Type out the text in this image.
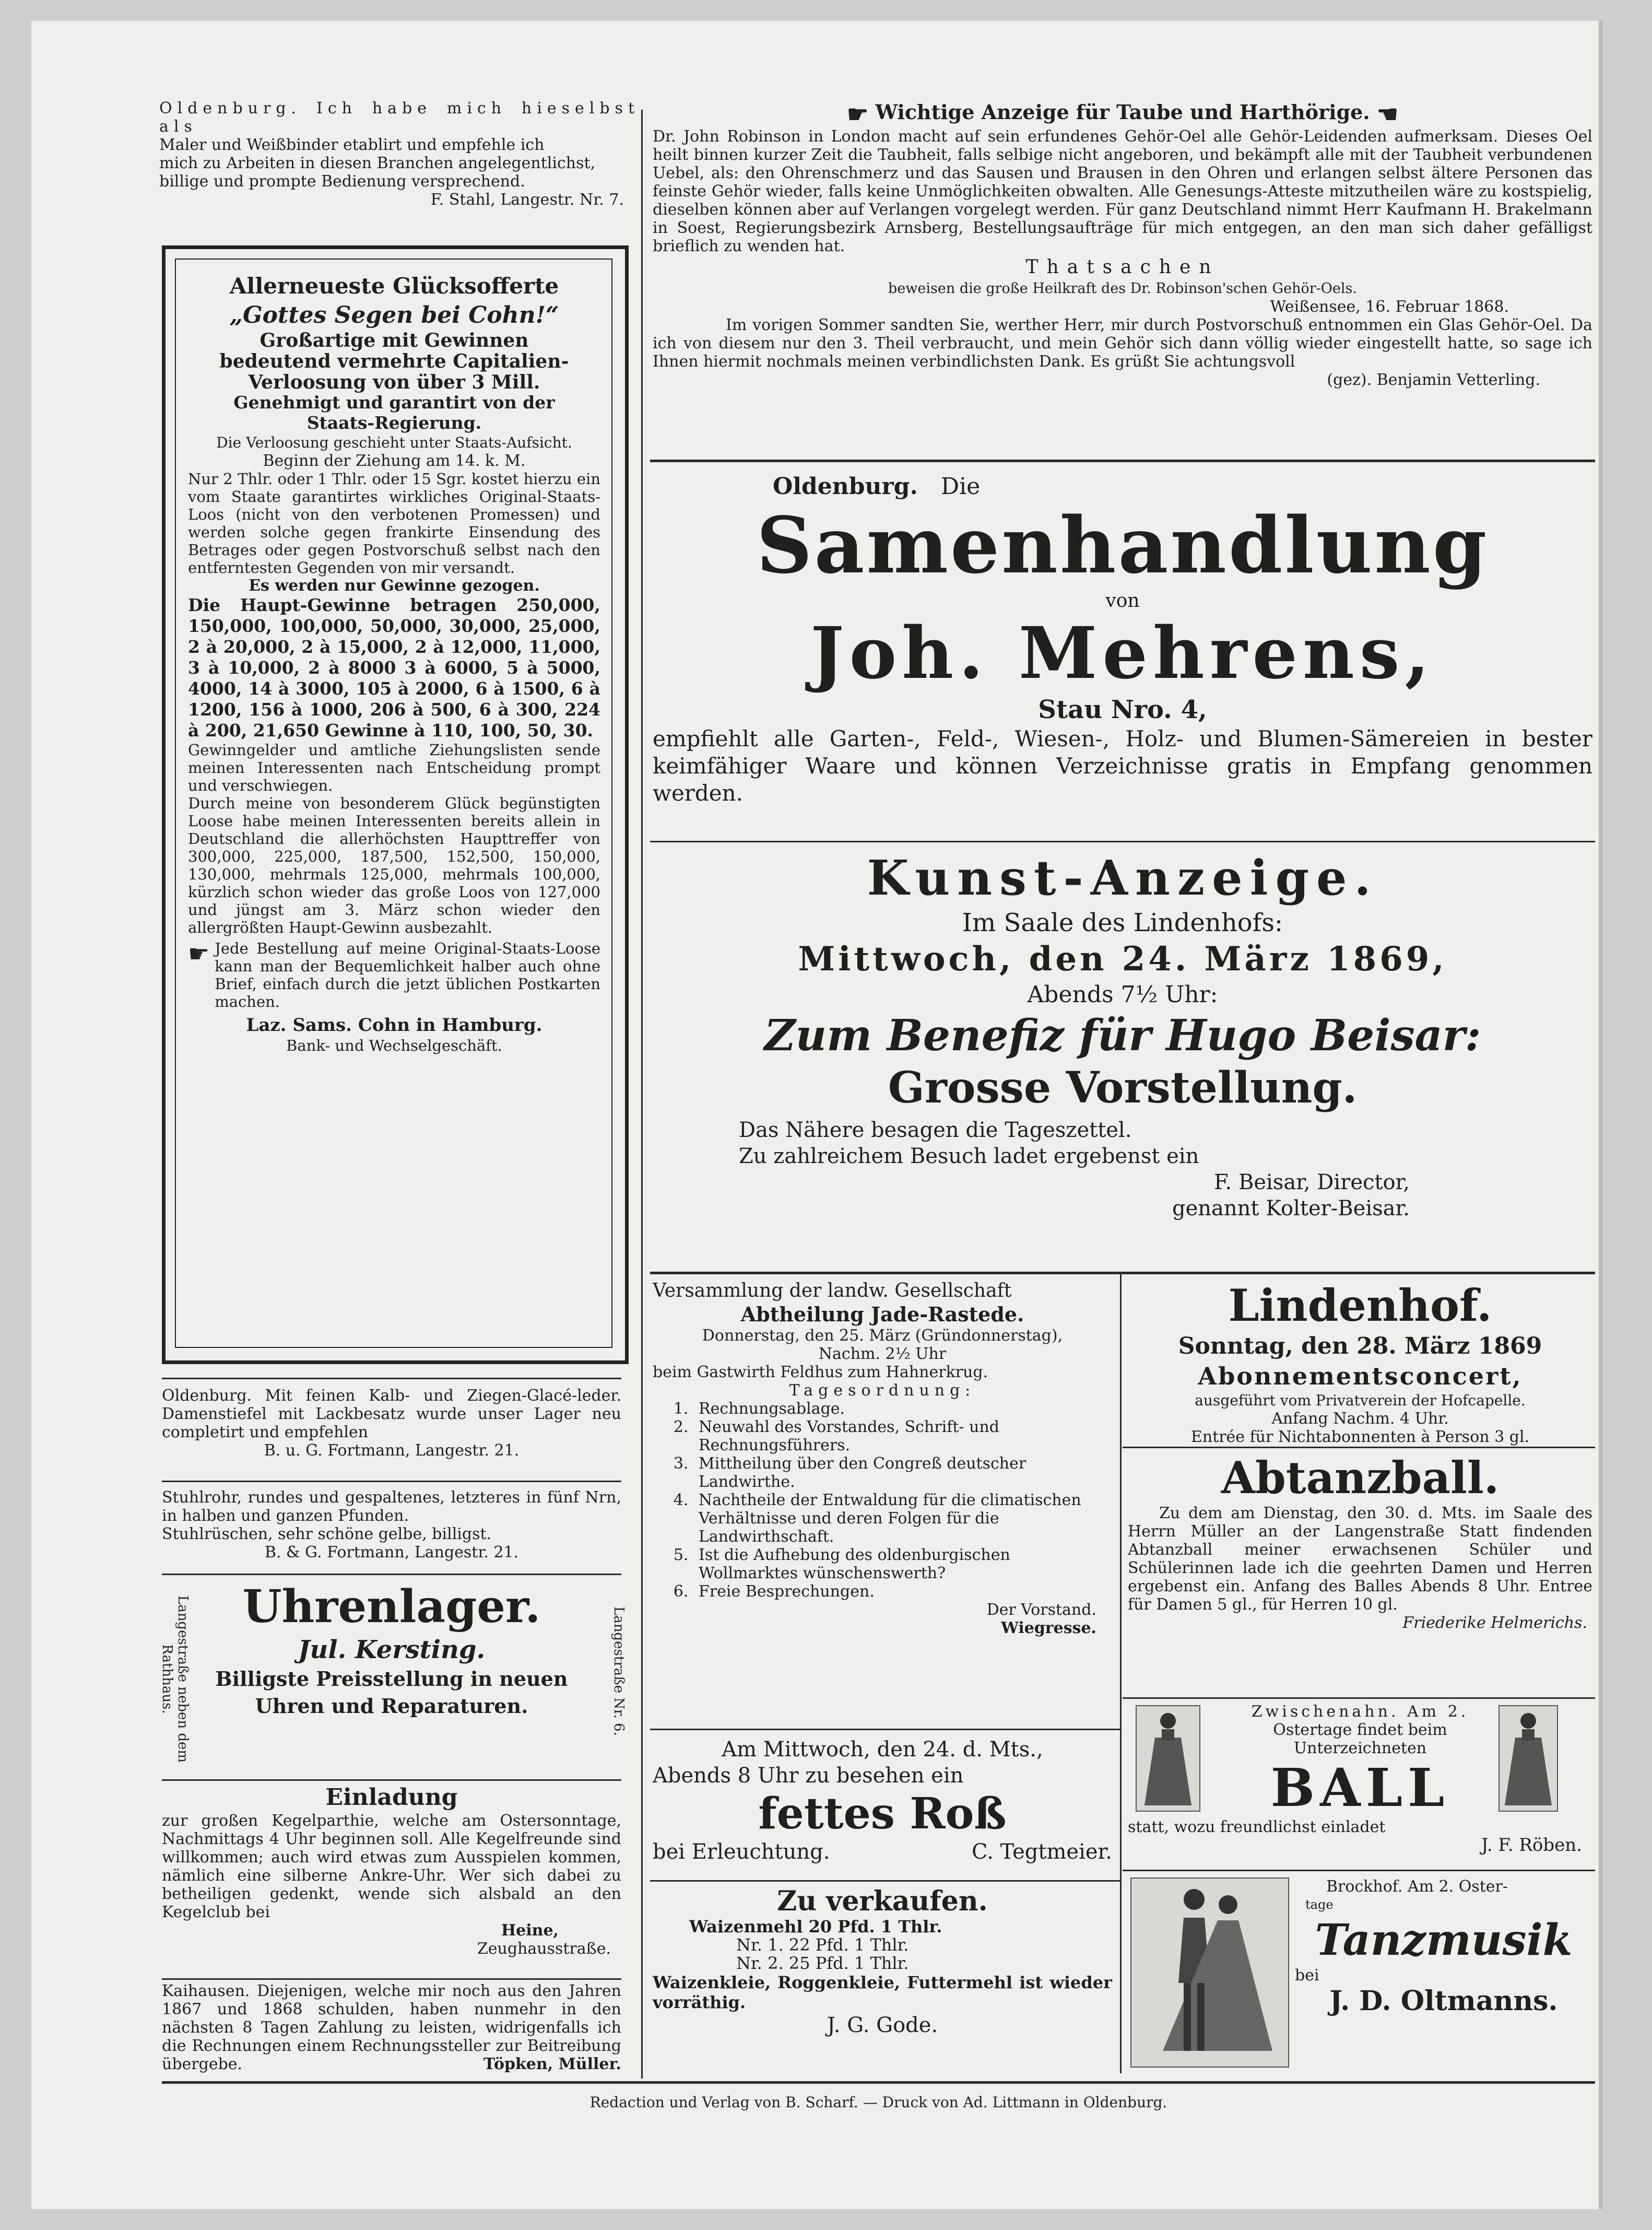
Oldenburg. Ich habe mich hieselbst als

Maler und Weißbinder etablirt und empfehle ich

mich zu Arbeiten in diesen Branchen angelegentlichst,

billige und prompte Bedienung versprechend.

F. Stahl, Langestr. Nr. 7.

Allerneueste Glücksofferte

„Gottes Segen bei Cohn!“

Großartige mit Gewinnen

bedeutend vermehrte Capitalien-

Verloosung von über 3 Mill.

Genehmigt und garantirt von der

Staats-Regierung.

Die Verloosung geschieht unter Staats-Aufsicht.

Beginn der Ziehung am 14. k. M.

Nur 2 Thlr. oder 1 Thlr. oder 15 Sgr. kostet hierzu ein vom Staate garantirtes wirkliches Original-Staats-Loos (nicht von den verbotenen Promessen) und werden solche gegen frankirte Einsendung des Betrages oder gegen Postvorschuß selbst nach den entferntesten Gegenden von mir versandt.

Es werden nur Gewinne gezogen.

Die Haupt-Gewinne betragen 250,000, 150,000, 100,000, 50,000, 30,000, 25,000, 2 à 20,000, 2 à 15,000, 2 à 12,000, 11,000, 3 à 10,000, 2 à 8000 3 à 6000, 5 à 5000, 4000, 14 à 3000, 105 à 2000, 6 à 1500, 6 à 1200, 156 à 1000, 206 à 500, 6 à 300, 224 à 200, 21,650 Gewinne à 110, 100, 50, 30.

Gewinngelder und amtliche Ziehungslisten sende meinen Interessenten nach Entscheidung prompt und verschwiegen.

Durch meine von besonderem Glück begünstigten Loose habe meinen Interessenten bereits allein in Deutschland die allerhöchsten Haupttreffer von 300,000, 225,000, 187,500, 152,500, 150,000, 130,000, mehrmals 125,000, mehrmals 100,000, kürzlich schon wieder das große Loos von 127,000 und jüngst am 3. März schon wieder den allergrößten Haupt-Gewinn ausbezahlt.

☛ Jede Bestellung auf meine Original-Staats-Loose kann man der Bequemlichkeit halber auch ohne Brief, einfach durch die jetzt üblichen Postkarten machen.

Laz. Sams. Cohn in Hamburg.

Bank- und Wechselgeschäft.

Oldenburg. Mit feinen Kalb- und Ziegen-Glacé-leder. Damenstiefel mit Lackbesatz wurde unser Lager neu completirt und empfehlen

B. u. G. Fortmann, Langestr. 21.

Stuhlrohr, rundes und gespaltenes, letzteres in fünf Nrn, in halben und ganzen Pfunden.

Stuhlrüschen, sehr schöne gelbe, billigst.

B. & G. Fortmann, Langestr. 21.

Langestraße neben dem Rathhaus.	Langestraße Nr. 6.

Uhrenlager.

Jul. Kersting.

Billigste Preisstellung in neuen Uhren und Reparaturen.

Einladung

zur großen Kegelparthie, welche am Ostersonntage, Nachmittags 4 Uhr beginnen soll. Alle Kegelfreunde sind willkommen; auch wird etwas zum Ausspielen kommen, nämlich eine silberne Ankre-Uhr. Wer sich dabei zu betheiligen gedenkt, wende sich alsbald an den Kegelclub bei

Heine,

Zeughausstraße.

Kaihausen. Diejenigen, welche mir noch aus den Jahren 1867 und 1868 schulden, haben nunmehr in den nächsten 8 Tagen Zahlung zu leisten, widrigenfalls ich die Rechnungen einem Rechnungssteller zur Beitreibung übergebe.	Töpken, Müller.

☛ Wichtige Anzeige für Taube und Harthörige. ☚

Dr. John Robinson in London macht auf sein erfundenes Gehör-Oel alle Gehör-Leidenden aufmerksam. Dieses Oel heilt binnen kurzer Zeit die Taubheit, falls selbige nicht angeboren, und bekämpft alle mit der Taubheit verbundenen Uebel, als: den Ohrenschmerz und das Sausen und Brausen in den Ohren und erlangen selbst ältere Personen das feinste Gehör wieder, falls keine Unmöglichkeiten obwalten. Alle Genesungs-Atteste mitzutheilen wäre zu kostspielig, dieselben können aber auf Verlangen vorgelegt werden. Für ganz Deutschland nimmt Herr Kaufmann H. Brakelmann in Soest, Regierungsbezirk Arnsberg, Bestellungsaufträge für mich entgegen, an den man sich daher gefälligst brieflich zu wenden hat.

Thatsachen

beweisen die große Heilkraft des Dr. Robinson'schen Gehör-Oels.

Weißensee, 16. Februar 1868.

Im vorigen Sommer sandten Sie, werther Herr, mir durch Postvorschuß entnommen ein Glas Gehör-Oel. Da ich von diesem nur den 3. Theil verbraucht, und mein Gehör sich dann völlig wieder eingestellt hatte, so sage ich Ihnen hiermit nochmals meinen verbindlichsten Dank. Es grüßt Sie achtungsvoll

(gez). Benjamin Vetterling.

Oldenburg. Die

Samenhandlung

von

Joh. Mehrens,

Stau Nro. 4,

empfiehlt alle Garten-, Feld-, Wiesen-, Holz- und Blumen-Sämereien in bester keimfähiger Waare und können Verzeichnisse gratis in Empfang genommen werden.

Kunst-Anzeige.

Im Saale des Lindenhofs:

Mittwoch, den 24. März 1869,

Abends 7½ Uhr:

Zum Benefiz für Hugo Beisar:

Grosse Vorstellung.

Das Nähere besagen die Tageszettel.

Zu zahlreichem Besuch ladet ergebenst ein

F. Beisar, Director,

genannt Kolter-Beisar.

Versammlung der landw. Gesellschaft

Abtheilung Jade-Rastede.

Donnerstag, den 25. März (Gründonnerstag),

Nachm. 2½ Uhr

beim Gastwirth Feldhus zum Hahnerkrug.

Tagesordnung:

1. Rechnungsablage.
2. Neuwahl des Vorstandes, Schrift- und Rechnungsführers.
3. Mittheilung über den Congreß deutscher Landwirthe.
4. Nachtheile der Entwaldung für die climatischen Verhältnisse und deren Folgen für die Landwirthschaft.
5. Ist die Aufhebung des oldenburgischen Wollmarktes wünschenswerth?
6. Freie Besprechungen.

Der Vorstand.

Wiegresse.

Am Mittwoch, den 24. d. Mts.,

Abends 8 Uhr zu besehen ein

fettes Roß

bei Erleuchtung.	C. Tegtmeier.

Zu verkaufen.

Waizenmehl 20 Pfd. 1 Thlr.

Nr. 1. 22 Pfd. 1 Thlr.

Nr. 2. 25 Pfd. 1 Thlr.

Waizenkleie, Roggenkleie, Futtermehl ist wieder vorräthig.

J. G. Gode.

Lindenhof.

Sonntag, den 28. März 1869

Abonnementsconcert,

ausgeführt vom Privatverein der Hofcapelle.

Anfang Nachm. 4 Uhr.

Entrée für Nichtabonnenten à Person 3 gl.

Abtanzball.

Zu dem am Dienstag, den 30. d. Mts. im Saale des Herrn Müller an der Langenstraße Statt findenden Abtanzball meiner erwachsenen Schüler und Schülerinnen lade ich die geehrten Damen und Herren ergebenst ein. Anfang des Balles Abends 8 Uhr. Entree für Damen 5 gl., für Herren 10 gl.

Friederike Helmerichs.

Zwischenahn. Am 2.

Ostertage findet beim Unterzeichneten

BALL

statt, wozu freundlichst einladet

J. F. Röben.

Brockhof. Am 2. Oster-

tage

Tanzmusik

bei

J. D. Oltmanns.

Redaction und Verlag von B. Scharf. — Druck von Ad. Littmann in Oldenburg.
